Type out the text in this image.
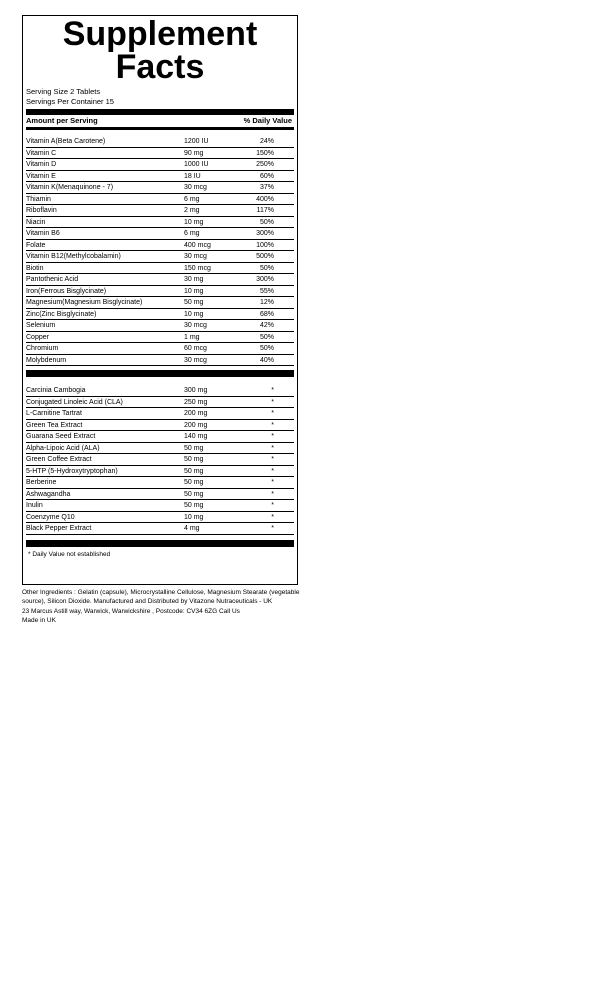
Supplement
Facts
Serving Size 2 Tablets
Servings Per Container 15
Amount per Serving	% Daily Value
Vitamin A(Beta Carotene)	1200 IU	24%
Vitamin C	90 mg	150%
Vitamin D	1000 IU	250%
Vitamin E	18 IU	60%
Vitamin K(Menaquinone - 7)	30 mcg	37%
Thiamin	6 mg	400%
Riboflavin	2 mg	117%
Niacin	10 mg	50%
Vitamin B6	6 mg	300%
Folate	400 mcg	100%
Vitamin B12(Methylcobalamin)	30 mcg	500%
Biotin	150 mcg	50%
Pantothenic Acid	30 mg	300%
Iron(Ferrous Bisglycinate)	10 mg	55%
Magnesium(Magnesium Bisglycinate)	50 mg	12%
Zinc(Zinc Bisglycinate)	10 mg	68%
Selenium	30 mcg	42%
Copper	1 mg	50%
Chromium	60 mcg	50%
Molybdenum	30 mcg	40%
Carcinia Cambogia	300 mg	*
Conjugated Linoleic Acid (CLA)	250 mg	*
L-Carnitine Tartrat	200 mg	*
Green Tea Extract	200 mg	*
Guarana Seed Extract	140 mg	*
Alpha-Lipoic Acid (ALA)	50 mg	*
Green Coffee Extract	50 mg	*
5-HTP (5-Hydroxytryptophan)	50 mg	*
Berberine	50 mg	*
Ashwagandha	50 mg	*
Inulin	50 mg	*
Coenzyme Q10	10 mg	*
Black Pepper Extract	4 mg	*
* Daily Value not established
Other Ingredients : Gelatin (capsule), Microcrystalline Cellulose, Magnesium Stearate (vegetable
source), Silicon Dioxide. Manufactured and Distributed by Vitazone Nutraceuticals - UK
23 Marcus Astill way, Warwick, Warwickshire , Postcode: CV34 6ZG Call Us
Made in UK
